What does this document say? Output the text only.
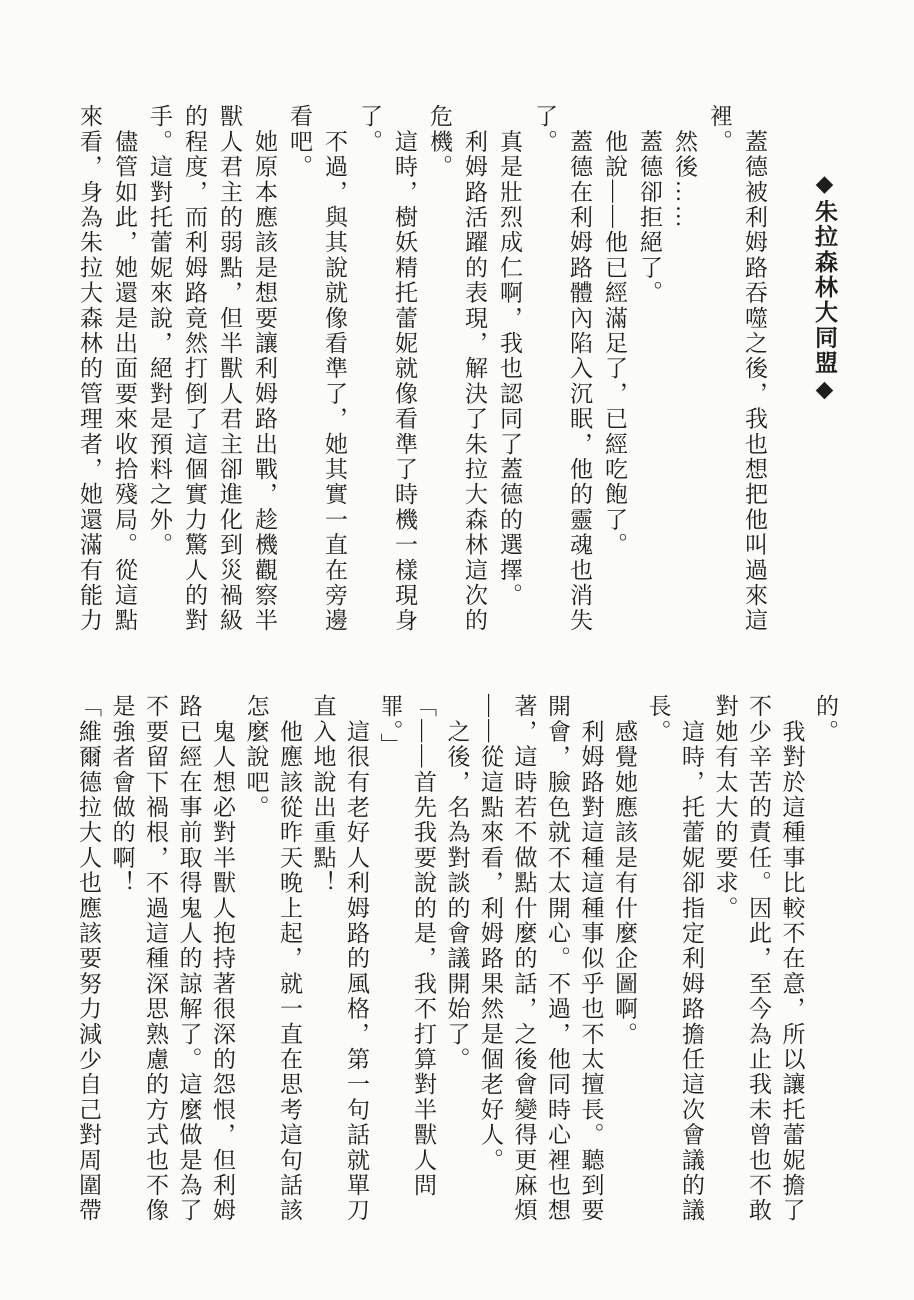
◆朱拉森林大同盟◆
　蓋德被利姆路吞噬之後，我也想把他叫過來這
裡。
　然後……
　蓋德卻拒絕了。
　他說——他已經滿足了，已經吃飽了。
　蓋德在利姆路體內陷入沉眠，他的靈魂也消失
了。
　真是壯烈成仁啊，我也認同了蓋德的選擇。
　利姆路活躍的表現，解決了朱拉大森林這次的
危機。
　這時，樹妖精托蕾妮就像看準了時機一樣現身
了。
　不過，與其說就像看準了，她其實一直在旁邊
看吧。
　她原本應該是想要讓利姆路出戰，趁機觀察半
獸人君主的弱點，但半獸人君主卻進化到災禍級
的程度，而利姆路竟然打倒了這個實力驚人的對
手。這對托蕾妮來說，絕對是預料之外。
　儘管如此，她還是出面要來收拾殘局。從這點
來看，身為朱拉大森林的管理者，她還滿有能力
的。
　我對於這種事比較不在意，所以讓托蕾妮擔了
不少辛苦的責任。因此，至今為止我未曾也不敢
對她有太大的要求。
　這時，托蕾妮卻指定利姆路擔任這次會議的議
長。
　感覺她應該是有什麼企圖啊。
　利姆路對這種這種事似乎也不太擅長。聽到要
開會，臉色就不太開心。不過，他同時心裡也想
著，這時若不做點什麼的話，之後會變得更麻煩
——從這點來看，利姆路果然是個老好人。
　之後，名為對談的會議開始了。
「——首先我要說的是，我不打算對半獸人問
罪。」
　這很有老好人利姆路的風格，第一句話就單刀
直入地說出重點！
　他應該從昨天晚上起，就一直在思考這句話該
怎麼說吧。
　鬼人想必對半獸人抱持著很深的怨恨，但利姆
路已經在事前取得鬼人的諒解了。這麼做是為了
不要留下禍根，不過這種深思熟慮的方式也不像
是強者會做的啊！
「維爾德拉大人也應該要努力減少自己對周圍帶
